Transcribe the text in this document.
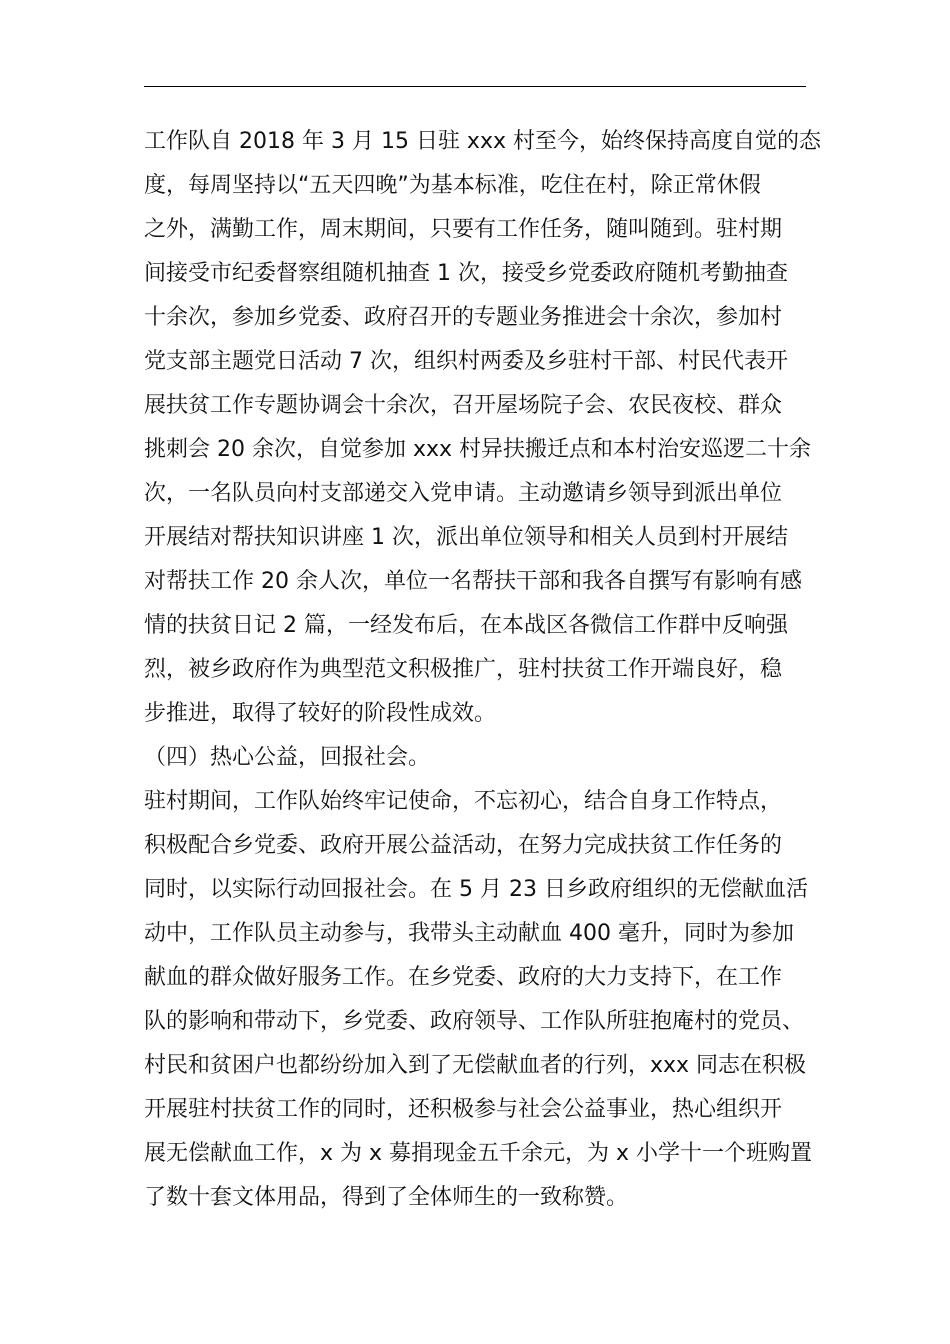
工作队自 2018 年 3 月 15 日驻 xxx 村至今，始终保持高度自觉的态
度，每周坚持以“五天四晚”为基本标准，吃住在村，除正常休假
之外，满勤工作，周末期间，只要有工作任务，随叫随到。驻村期
间接受市纪委督察组随机抽查 1 次，接受乡党委政府随机考勤抽查
十余次，参加乡党委、政府召开的专题业务推进会十余次，参加村
党支部主题党日活动 7 次，组织村两委及乡驻村干部、村民代表开
展扶贫工作专题协调会十余次，召开屋场院子会、农民夜校、群众
挑刺会 20 余次，自觉参加 xxx 村异扶搬迁点和本村治安巡逻二十余
次，一名队员向村支部递交入党申请。主动邀请乡领导到派出单位
开展结对帮扶知识讲座 1 次，派出单位领导和相关人员到村开展结
对帮扶工作 20 余人次，单位一名帮扶干部和我各自撰写有影响有感
情的扶贫日记 2 篇，一经发布后，在本战区各微信工作群中反响强
烈，被乡政府作为典型范文积极推广，驻村扶贫工作开端良好，稳
步推进，取得了较好的阶段性成效。
（四）热心公益，回报社会。
驻村期间，工作队始终牢记使命，不忘初心，结合自身工作特点，
积极配合乡党委、政府开展公益活动，在努力完成扶贫工作任务的
同时，以实际行动回报社会。在 5 月 23 日乡政府组织的无偿献血活
动中，工作队员主动参与，我带头主动献血 400 毫升，同时为参加
献血的群众做好服务工作。在乡党委、政府的大力支持下，在工作
队的影响和带动下，乡党委、政府领导、工作队所驻抱庵村的党员、
村民和贫困户也都纷纷加入到了无偿献血者的行列，xxx 同志在积极
开展驻村扶贫工作的同时，还积极参与社会公益事业，热心组织开
展无偿献血工作，x 为 x 募捐现金五千余元，为 x 小学十一个班购置
了数十套文体用品，得到了全体师生的一致称赞。
